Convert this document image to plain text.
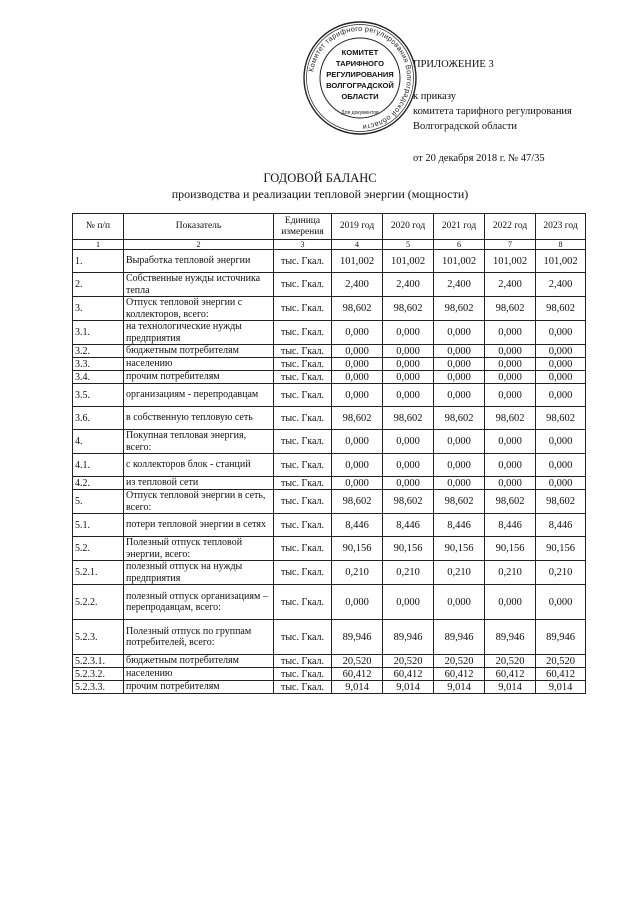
ПРИЛОЖЕНИЕ 3
к приказу
комитета тарифного регулирования
Волгоградской области
от 20 декабря 2018 г. № 47/35
Комитет тарифного регулирования Волгоградской области
КОМИТЕТ
ТАРИФНОГО
РЕГУЛИРОВАНИЯ
ВОЛГОГРАДСКОЙ
ОБЛАСТИ
Для документов
ГОДОВОЙ БАЛАНС
производства и реализации тепловой энергии (мощности)
№ п/п	Показатель	Единица измерения	2019 год	2020 год	2021 год	2022 год	2023 год
1	2	3	4	5	6	7	8
1.	Выработка тепловой энергии	тыс. Гкал.	101,002	101,002	101,002	101,002	101,002
2.	Собственные нужды источника тепла	тыс. Гкал.	2,400	2,400	2,400	2,400	2,400
3.	Отпуск тепловой энергии с коллекторов, всего:	тыс. Гкал.	98,602	98,602	98,602	98,602	98,602
3.1.	на технологические нужды предприятия	тыс. Гкал.	0,000	0,000	0,000	0,000	0,000
3.2.	бюджетным потребителям	тыс. Гкал.	0,000	0,000	0,000	0,000	0,000
3.3.	населению	тыс. Гкал.	0,000	0,000	0,000	0,000	0,000
3.4.	прочим потребителям	тыс. Гкал.	0,000	0,000	0,000	0,000	0,000
3.5.	организациям - перепродавцам	тыс. Гкал.	0,000	0,000	0,000	0,000	0,000
3.6.	в собственную тепловую сеть	тыс. Гкал.	98,602	98,602	98,602	98,602	98,602
4.	Покупная тепловая энергия, всего:	тыс. Гкал.	0,000	0,000	0,000	0,000	0,000
4.1.	с коллекторов блок - станций	тыс. Гкал.	0,000	0,000	0,000	0,000	0,000
4.2.	из тепловой сети	тыс. Гкал.	0,000	0,000	0,000	0,000	0,000
5.	Отпуск тепловой энергии в сеть, всего:	тыс. Гкал.	98,602	98,602	98,602	98,602	98,602
5.1.	потери тепловой энергии в сетях	тыс. Гкал.	8,446	8,446	8,446	8,446	8,446
5.2.	Полезный отпуск тепловой энергии, всего:	тыс. Гкал.	90,156	90,156	90,156	90,156	90,156
5.2.1.	полезный отпуск на нужды предприятия	тыс. Гкал.	0,210	0,210	0,210	0,210	0,210
5.2.2.	полезный отпуск организациям – перепродавцам, всего:	тыс. Гкал.	0,000	0,000	0,000	0,000	0,000
5.2.3.	Полезный отпуск по группам потребителей, всего:	тыс. Гкал.	89,946	89,946	89,946	89,946	89,946
5.2.3.1.	бюджетным потребителям	тыс. Гкал.	20,520	20,520	20,520	20,520	20,520
5.2.3.2.	населению	тыс. Гкал.	60,412	60,412	60,412	60,412	60,412
5.2.3.3.	прочим потребителям	тыс. Гкал.	9,014	9,014	9,014	9,014	9,014
